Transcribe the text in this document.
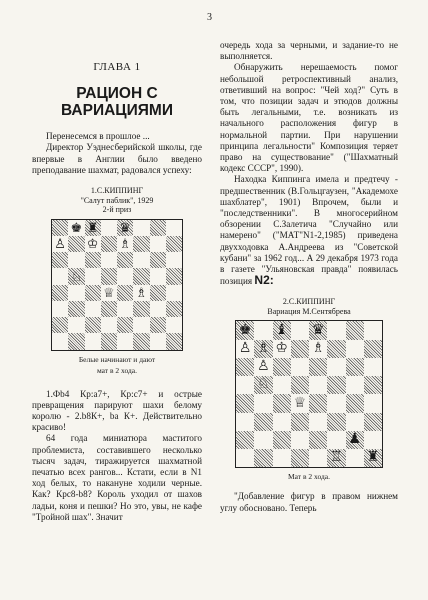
3
ГЛАВА 1
РАЦИОН С
ВАРИАЦИЯМИ

Перенесемся в прошлое ...

Директор Уэднесберийской школы, где впервые в Англии было введено преподавание шахмат, радовался успеху:

1.С.КИППИНГ
"Салут паблик", 1929
2-й приз
♚ ♜ ♛
♙ ♔ ♗
♘
♕ ♗
Белые начинают и дают
мат в 2 хода.

1.Фb4 Кр:а7+, Кр:с7+ и острые превращения парируют шахи белому королю - 2.b8К+, ba К+. Действительно красиво!

64 года миниатюра маститого проблемиста, составившего несколько тысяч задач, тиражируется шахматной печатью всех рангов... Кстати, если в N1 ход белых, то накануне ходили черные. Как? Крс8-b8? Король уходил от шахов ладьи, коня и пешки? Но это, увы, не кафе "Тройной шах". Значит

очередь хода за черными, и задание-то не выполняется.

Обнаружить нерешаемость помог небольшой ретроспективный анализ, ответивший на вопрос: "Чей ход?" Суть в том, что позиции задач и этюдов должны быть легальными, т.е. возникать из начального расположения фигур в нормальной партии. При нарушении принципа легальности" Композиция теряет право на существование" ("Шахматный кодекс СССР", 1990).

Находка Киппинга имела и предтечу - предшественник (В.Гольцгаузен, "Академохе шахблатер", 1901) Впрочем, были и "последственники". В многосерийном обзорении С.Залетича "Случайно или намерено" ("МАТ"N1-2,1985) приведена двухходовка А.Андреева из "Советской кубани" за 1962 год... А 29 декабря 1973 года в газете "Ульяновская правда" появилась позиция N2:

2.С.КИППИНГ
Вариация М.Сентябрева
♚ ♝ ♛
♙ ♗ ♔ ♗
♙
♘
♕
♟
♖ ♜
Мат в 2 хода.

"Добавление фигур в правом нижнем углу обосновано. Теперь
